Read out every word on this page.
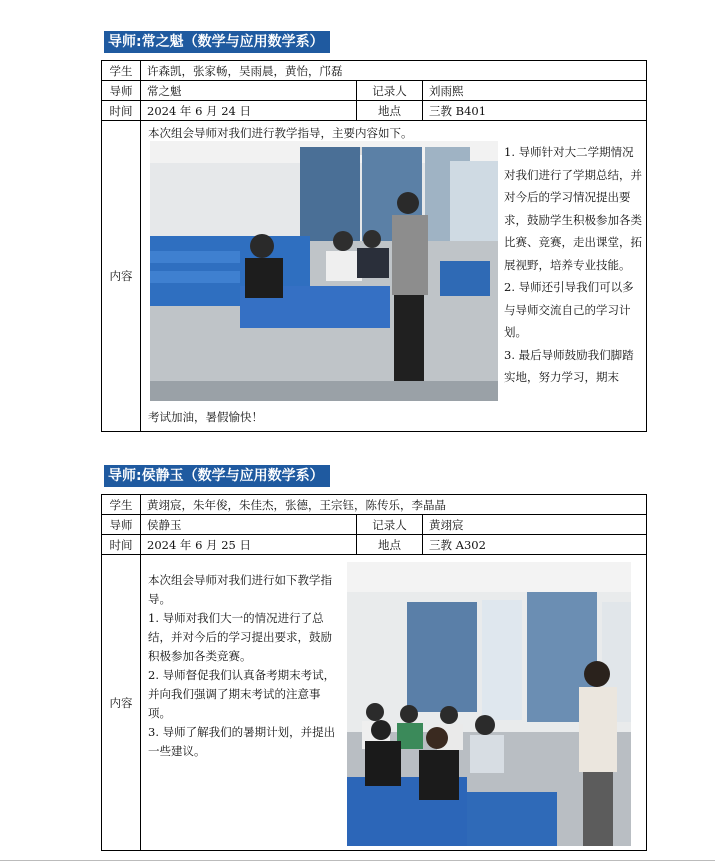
导师:常之魁（数学与应用数学系）
学生	许森凯，张家畅，吴雨晨，黄怡，邝磊		
导师	常之魁	记录人	刘雨熙
时间	2024 年 6 月 24 日	地点	三教 B401
内容	本次组会导师对我们进行教学指导，主要内容如下。

1. 导师针对大二学期情况对我们进行了学期总结，并对今后的学习情况提出要求，鼓励学生积极参加各类比赛、竞赛，走出课堂，拓展视野，培养专业技能。

2. 导师还引导我们可以多与导师交流自己的学习计划。

3. 最后导师鼓励我们脚踏实地，努力学习，期末

考试加油，暑假愉快！		

导师:侯静玉（数学与应用数学系）
学生	黄翊宸，朱年俊，朱佳杰，张德，王宗钰，陈传乐，李晶晶		
导师	侯静玉	记录人	黄翊宸
时间	2024 年 6 月 25 日	地点	三教 A302
内容	本次组会导师对我们进行如下教学指导。

1. 导师对我们大一的情况进行了总结，并对今后的学习提出要求，鼓励积极参加各类竞赛。

2. 导师督促我们认真备考期末考试，并向我们强调了期末考试的注意事项。

3. 导师了解我们的暑期计划，并提出一些建议。		
